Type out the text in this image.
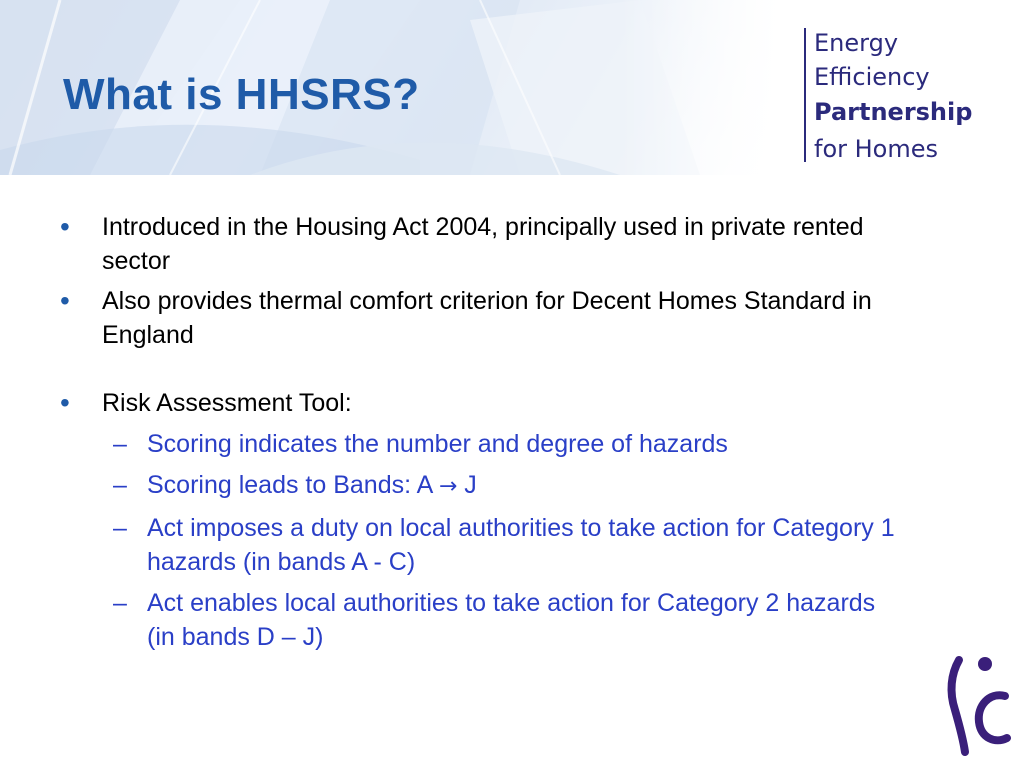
What is HHSRS?
Energy
Efficiency
Partnership
for Homes
• Introduced in the Housing Act 2004, principally used in private rented sector
• Also provides thermal comfort criterion for Decent Homes Standard in England
• Risk Assessment Tool:
– Scoring indicates the number and degree of hazards
– Scoring leads to Bands: A → J
– Act imposes a duty on local authorities to take action for Category 1 hazards (in bands A - C)
– Act enables local authorities to take action for Category 2 hazards (in bands D – J)
